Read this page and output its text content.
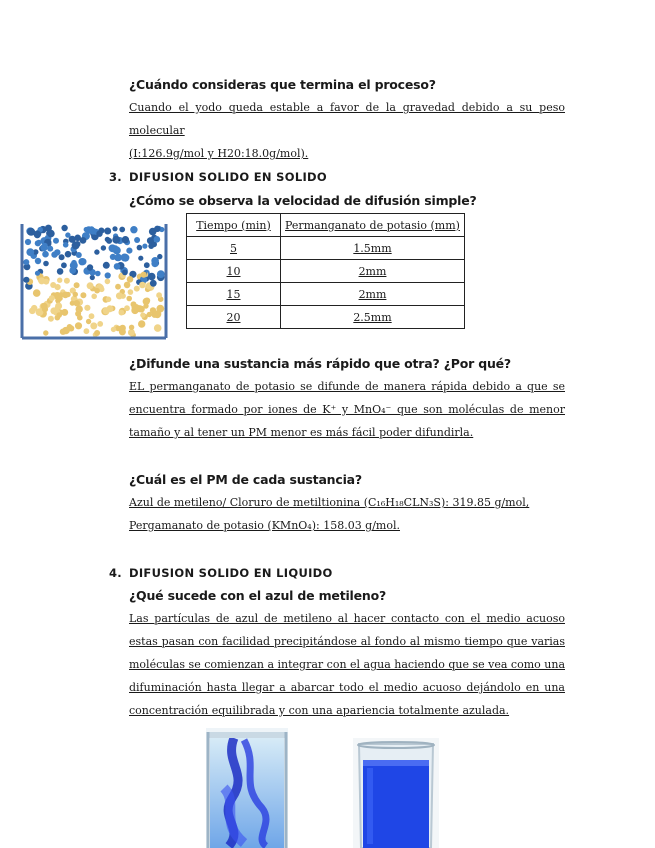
¿Cuándo consideras que termina el proceso?
Cuando el yodo queda estable a favor de la gravedad debido a su peso molecular
(I:126.9g/mol y H20:18.0g/mol).
3. DIFUSION SOLIDO EN SOLIDO
¿Cómo se observa la velocidad de difusión simple?
Tiempo (min)	Permanganato de potasio (mm)
5	1.5mm
10	2mm
15	2mm
20	2.5mm
¿Difunde una sustancia más rápido que otra? ¿Por qué?
EL permanganato de potasio se difunde de manera rápida debido a que se encuentra formado por iones de K⁺ y MnO₄⁻ que son moléculas de menor tamaño y al tener un PM menor es más fácil poder difundirla.
¿Cuál es el PM de cada sustancia?
Azul de metileno/ Cloruro de metiltionina (C₁₆H₁₈CLN₃S): 319.85 g/mol,
Pergamanato de potasio (KMnO₄): 158.03 g/mol.
4. DIFUSION SOLIDO EN LIQUIDO
¿Qué sucede con el azul de metileno?
Las partículas de azul de metileno al hacer contacto con el medio acuoso estas pasan con facilidad precipitándose al fondo al mismo tiempo que varias moléculas se comienzan a integrar con el agua haciendo que se vea como una difuminación hasta llegar a abarcar todo el medio acuoso dejándolo en una concentración equilibrada y con una apariencia totalmente azulada.
